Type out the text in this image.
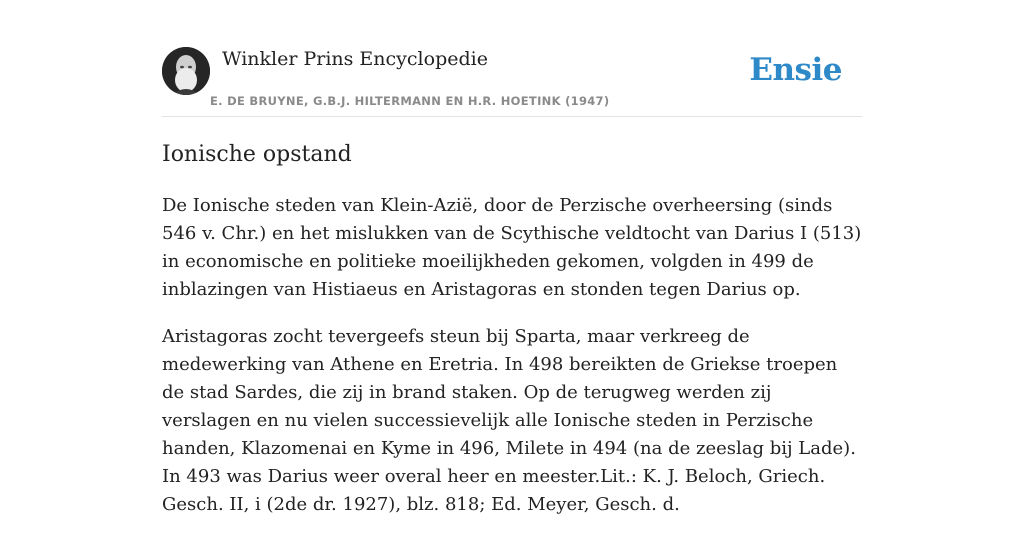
Winkler Prins Encyclopedie
E. DE BRUYNE, G.B.J. HILTERMANN EN H.R. HOETINK (1947)
Ensie
Ionische opstand

De Ionische steden van Klein-Azië, door de Perzische overheersing (sinds 546 v. Chr.) en het mislukken van de Scythische veldtocht van Darius I (513) in economische en politieke moeilijkheden gekomen, volgden in 499 de inblazingen van Histiaeus en Aristagoras en stonden tegen Darius op.

Aristagoras zocht tevergeefs steun bij Sparta, maar verkreeg de medewerking van Athene en Eretria. In 498 bereikten de Griekse troepen de stad Sardes, die zij in brand staken. Op de terugweg werden zij verslagen en nu vielen successievelijk alle Ionische steden in Perzische handen, Klazomenai en Kyme in 496, Milete in 494 (na de zeeslag bij Lade). In 493 was Darius weer overal heer en meester.Lit.: K. J. Beloch, Griech. Gesch. II, i (2de dr. 1927), blz. 818; Ed. Meyer, Gesch. d.
